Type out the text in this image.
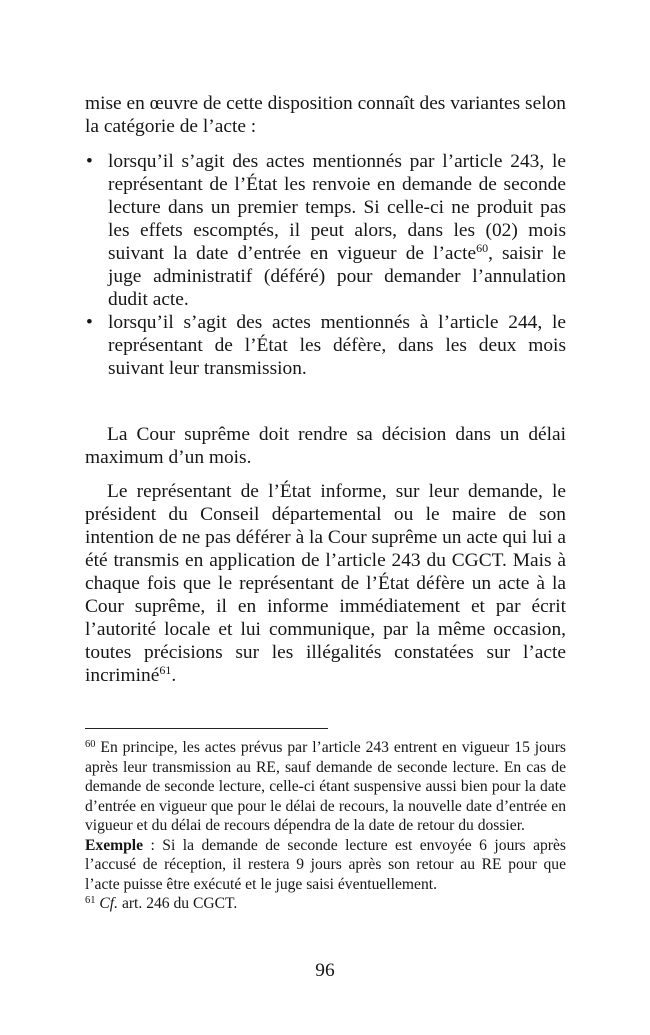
mise en œuvre de cette disposition connaît des variantes selon la catégorie de l’acte :
• lorsqu’il s’agit des actes mentionnés par l’article 243, le représentant de l’État les renvoie en demande de seconde lecture dans un premier temps. Si celle-ci ne produit pas les effets escomptés, il peut alors, dans les (02) mois suivant la date d’entrée en vigueur de l’acte$^{60}$, saisir le juge administratif (déféré) pour demander l’annulation dudit acte.
• lorsqu’il s’agit des actes mentionnés à l’article 244, le représentant de l’État les défère, dans les deux mois suivant leur transmission.
La Cour suprême doit rendre sa décision dans un délai maximum d’un mois.
Le représentant de l’État informe, sur leur demande, le président du Conseil départemental ou le maire de son intention de ne pas déférer à la Cour suprême un acte qui lui a été transmis en application de l’article 243 du CGCT. Mais à chaque fois que le représentant de l’État défère un acte à la Cour suprême, il en informe immédiatement et par écrit l’autorité locale et lui communique, par la même occasion, toutes précisions sur les illégalités constatées sur l’acte incriminé$^{61}$.

$^{60}$ En principe, les actes prévus par l’article 243 entrent en vigueur 15 jours après leur transmission au RE, sauf demande de seconde lecture. En cas de demande de seconde lecture, celle-ci étant suspensive aussi bien pour la date d’entrée en vigueur que pour le délai de recours, la nouvelle date d’entrée en vigueur et du délai de recours dépendra de la date de retour du dossier.

Exemple : Si la demande de seconde lecture est envoyée 6 jours après l’accusé de réception, il restera 9 jours après son retour au RE pour que l’acte puisse être exécuté et le juge saisi éventuellement.

$^{61}$ Cf. art. 246 du CGCT.

96
